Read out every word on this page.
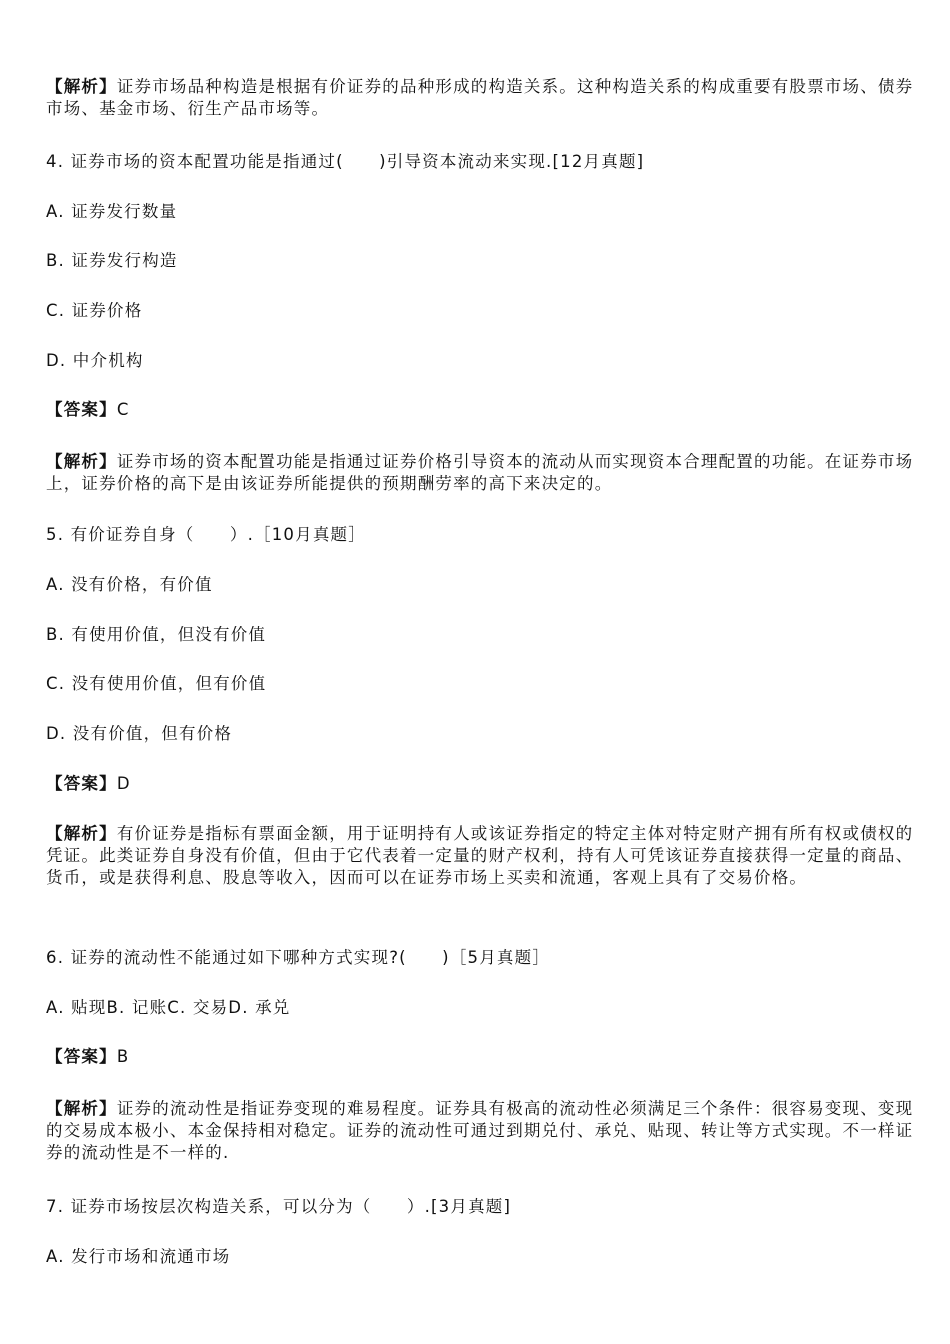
【解析】证券市场品种构造是根据有价证券的品种形成的构造关系。这种构造关系的构成重要有股票市场、债券市场、基金市场、衍生产品市场等。
4. 证券市场的资本配置功能是指通过(　　)引导资本流动来实现.[12月真题]
A. 证券发行数量
B. 证券发行构造
C. 证券价格
D. 中介机构
【答案】C
【解析】证券市场的资本配置功能是指通过证券价格引导资本的流动从而实现资本合理配置的功能。在证券市场上，证券价格的高下是由该证券所能提供的预期酬劳率的高下来决定的。
5. 有价证券自身（　　）.［10月真题］
A. 没有价格，有价值
B. 有使用价值，但没有价值
C. 没有使用价值，但有价值
D. 没有价值，但有价格
【答案】D
【解析】有价证券是指标有票面金额，用于证明持有人或该证券指定的特定主体对特定财产拥有所有权或债权的凭证。此类证券自身没有价值，但由于它代表着一定量的财产权利，持有人可凭该证券直接获得一定量的商品、货币，或是获得利息、股息等收入，因而可以在证券市场上买卖和流通，客观上具有了交易价格。
6. 证券的流动性不能通过如下哪种方式实现?(　　)［5月真题］
A. 贴现B. 记账C. 交易D. 承兑
【答案】B
【解析】证券的流动性是指证券变现的难易程度。证券具有极高的流动性必须满足三个条件：很容易变现、变现的交易成本极小、本金保持相对稳定。证券的流动性可通过到期兑付、承兑、贴现、转让等方式实现。不一样证券的流动性是不一样的.
7. 证券市场按层次构造关系，可以分为（　　）.[3月真题]
A. 发行市场和流通市场
